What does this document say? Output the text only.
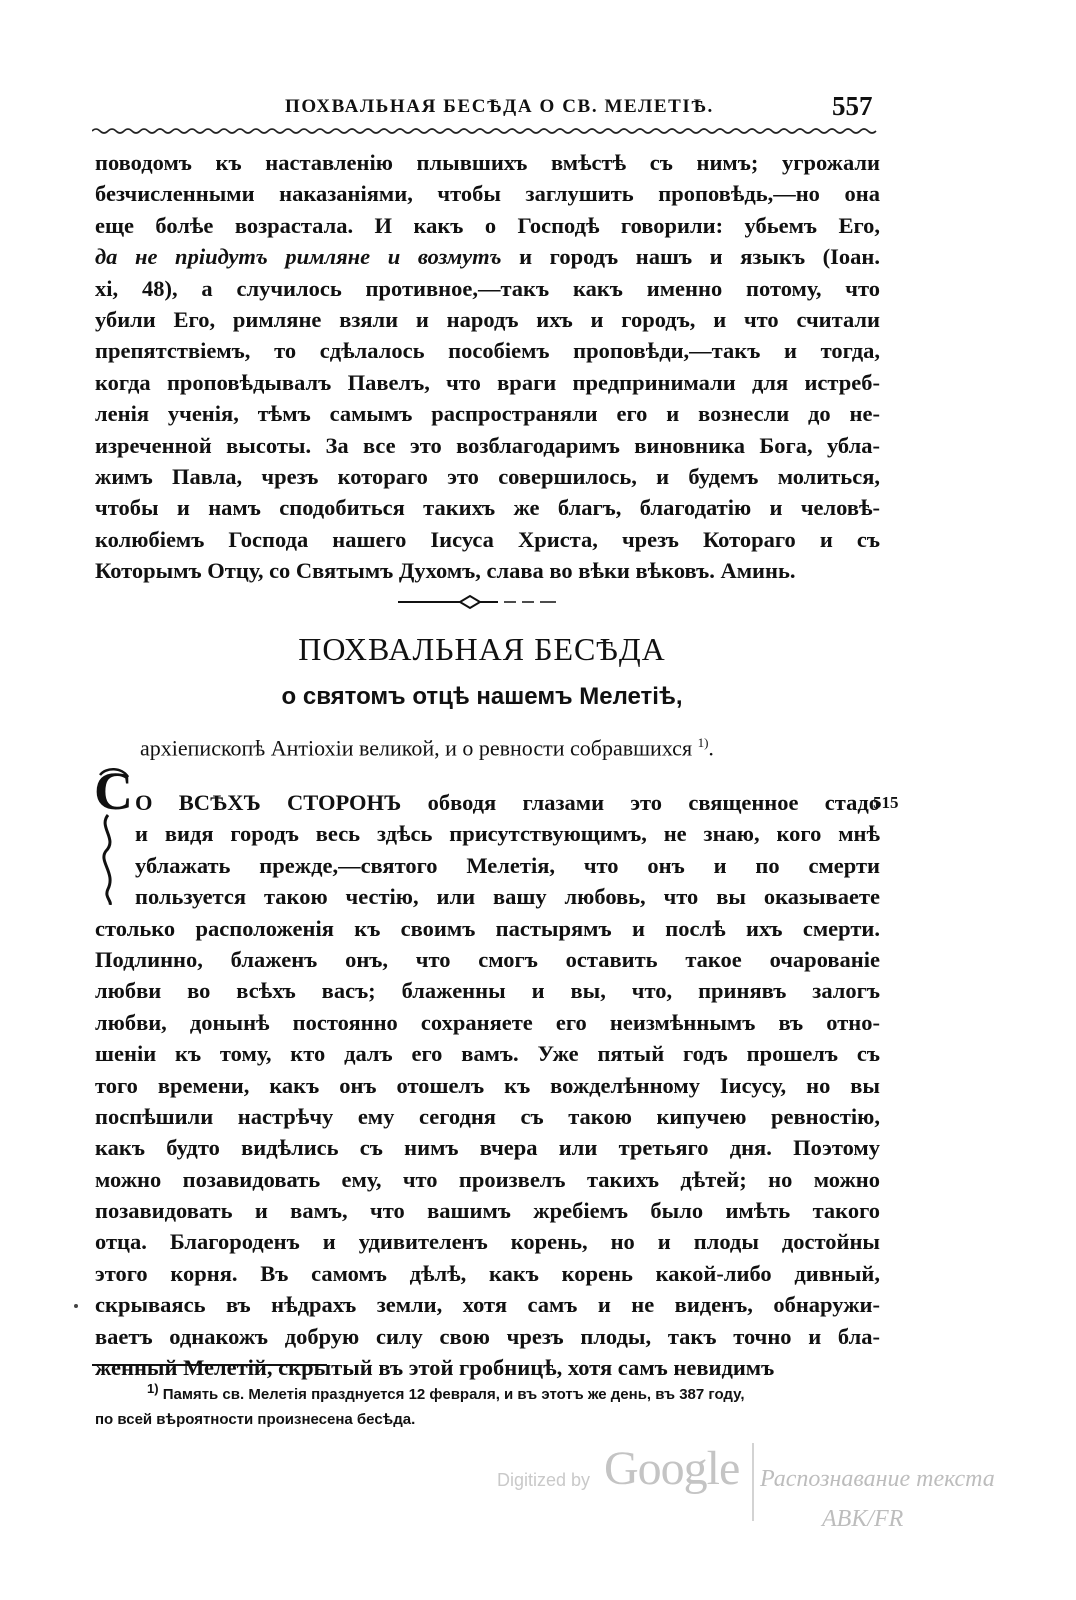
ПОХВАЛЬНАЯ БЕСѢДА О СВ. МЕЛЕТІѢ.	557
поводомъ къ наставленію плывшихъ вмѣстѣ съ нимъ; угрожали
безчисленными наказаніями, чтобы заглушить проповѣдь,—но она
еще болѣе возрастала. И какъ о Господѣ говорили: убьемъ Его,
да не пріидутъ римляне и возмутъ и городъ нашъ и языкъ (Іоан.
xi, 48), а случилось противное,—такъ какъ именно потому, что
убили Его, римляне взяли и народъ ихъ и городъ, и что считали
препятствіемъ, то сдѣлалось пособіемъ проповѣди,—такъ и тогда,
когда проповѣдывалъ Павелъ, что враги предпринимали для истреб-
ленія ученія, тѣмъ самымъ распространяли его и вознесли до не-
изреченной высоты. За все это возблагодаримъ виновника Бога, убла-
жимъ Павла, чрезъ котораго это совершилось, и будемъ молиться,
чтобы и намъ сподобиться такихъ же благъ, благодатію и человѣ-
колюбіемъ Господа нашего Іисуса Христа, чрезъ Котораго и съ
Которымъ Отцу, со Святымъ Духомъ, слава во вѣки вѣковъ. Аминь.
ПОХВАЛЬНАЯ БЕСѢДА
о святомъ отцѣ нашемъ Мелетіѣ,
архіепископѣ Антіохіи великой, и о ревности собравшихся $^{1)}$.
С	515
О ВСѢХЪ СТОРОНЪ обводя глазами это священное стадо
и видя городъ весь здѣсь присутствующимъ, не знаю, кого мнѣ
ублажать прежде,—святого Мелетія, что онъ и по смерти
пользуется такою честію, или вашу любовь, что вы оказываете
столько расположенія къ своимъ пастырямъ и послѣ ихъ смерти.
Подлинно, блаженъ онъ, что смогъ оставить такое очарованіе
любви во всѣхъ васъ; блаженны и вы, что, принявъ залогъ
любви, донынѣ постоянно сохраняете его неизмѣннымъ въ отно-
шеніи къ тому, кто далъ его вамъ. Уже пятый годъ прошелъ съ
того времени, какъ онъ отошелъ къ вожделѣнному Іисусу, но вы
поспѣшили настрѣчу ему сегодня съ такою кипучею ревностію,
какъ будто видѣлись съ нимъ вчера или третьяго дня. Поэтому
можно позавидовать ему, что произвелъ такихъ дѣтей; но можно
позавидовать и вамъ, что вашимъ жребіемъ было имѣть такого
отца. Благороденъ и удивителенъ корень, но и плоды достойны
этого корня. Въ самомъ дѣлѣ, какъ корень какой-либо дивный,
скрываясь въ нѣдрахъ земли, хотя самъ и не виденъ, обнаружи-
ваетъ однакожъ добрую силу свою чрезъ плоды, такъ точно и бла-
женный Мелетій, скрытый въ этой гробницѣ, хотя самъ невидимъ
$^{1)}$ Память св. Мелетія празднуется 12 февраля, и въ этотъ же день, въ 387 году,
по всей вѣроятности произнесена бесѣда.
Digitized by Google Распознавание текста
ABK/FR
